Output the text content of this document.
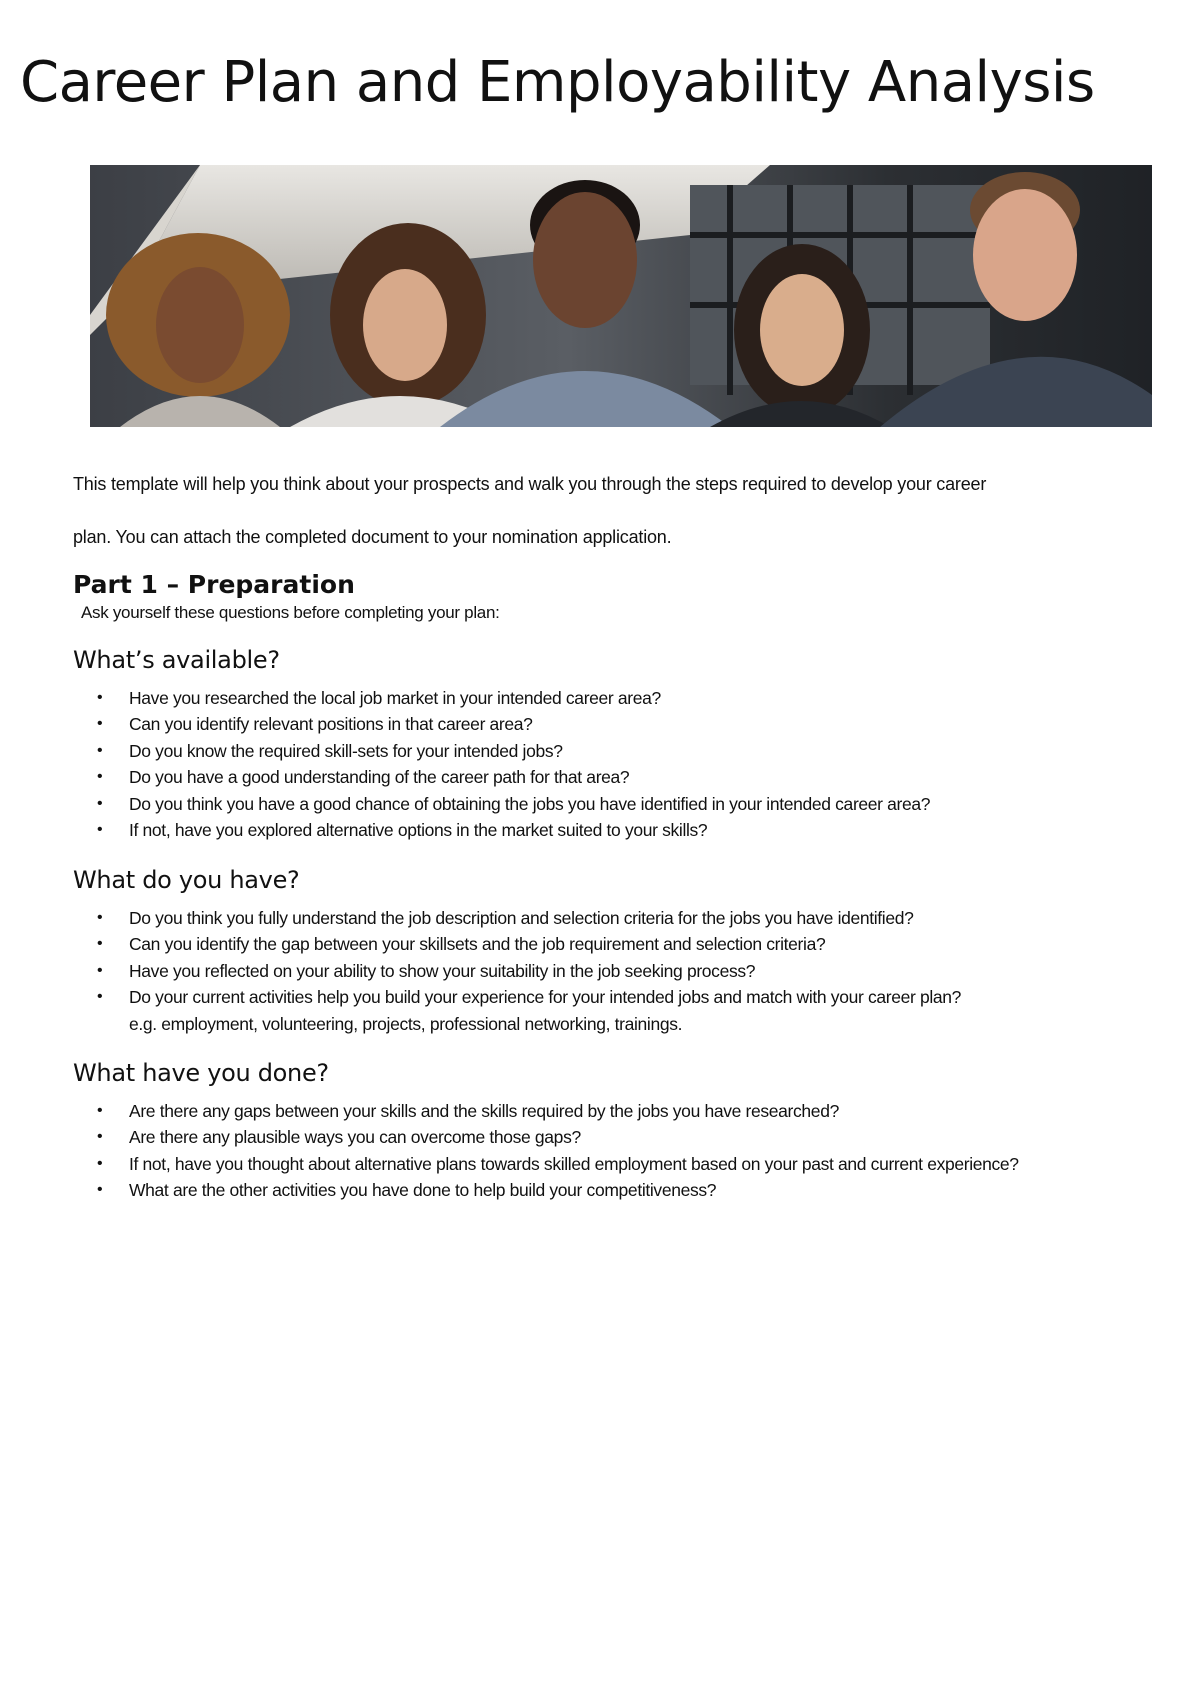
Career Plan and Employability Analysis

This template will help you think about your prospects and walk you through the steps required to develop your career
plan. You can attach the completed document to your nomination application.

Part 1 – Preparation

Ask yourself these questions before completing your plan:

What’s available?
• Have you researched the local job market in your intended career area?
• Can you identify relevant positions in that career area?
• Do you know the required skill-sets for your intended jobs?
• Do you have a good understanding of the career path for that area?
• Do you think you have a good chance of obtaining the jobs you have identified in your intended career area?
• If not, have you explored alternative options in the market suited to your skills?
What do you have?
• Do you think you fully understand the job description and selection criteria for the jobs you have identified?
• Can you identify the gap between your skillsets and the job requirement and selection criteria?
• Have you reflected on your ability to show your suitability in the job seeking process?
• Do your current activities help you build your experience for your intended jobs and match with your career plan?
e.g. employment, volunteering, projects, professional networking, trainings.
What have you done?
• Are there any gaps between your skills and the skills required by the jobs you have researched?
• Are there any plausible ways you can overcome those gaps?
• If not, have you thought about alternative plans towards skilled employment based on your past and current experience?
• What are the other activities you have done to help build your competitiveness?
